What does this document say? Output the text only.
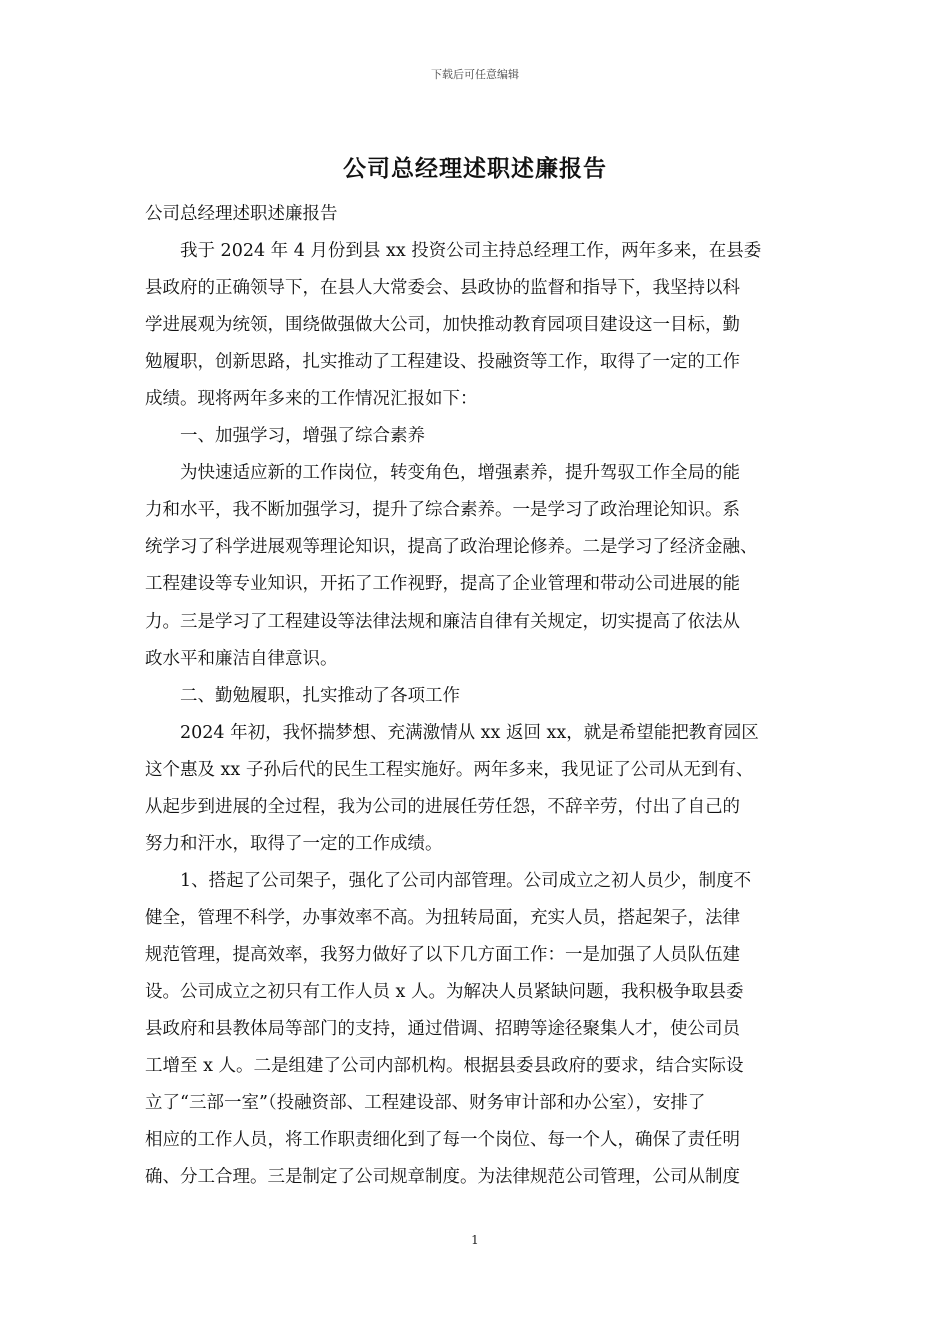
下载后可任意编辑
公司总经理述职述廉报告
公司总经理述职述廉报告
　　我于 2024 年 4 月份到县 xx 投资公司主持总经理工作，两年多来，在县委
县政府的正确领导下，在县人大常委会、县政协的监督和指导下，我坚持以科
学进展观为统领，围绕做强做大公司，加快推动教育园项目建设这一目标，勤
勉履职，创新思路，扎实推动了工程建设、投融资等工作，取得了一定的工作
成绩。现将两年多来的工作情况汇报如下：
　　一、加强学习，增强了综合素养
　　为快速适应新的工作岗位，转变角色，增强素养，提升驾驭工作全局的能
力和水平，我不断加强学习，提升了综合素养。一是学习了政治理论知识。系
统学习了科学进展观等理论知识，提高了政治理论修养。二是学习了经济金融、
工程建设等专业知识，开拓了工作视野，提高了企业管理和带动公司进展的能
力。三是学习了工程建设等法律法规和廉洁自律有关规定，切实提高了依法从
政水平和廉洁自律意识。
　　二、勤勉履职，扎实推动了各项工作
　　2024 年初，我怀揣梦想、充满激情从 xx 返回 xx，就是希望能把教育园区
这个惠及 xx 子孙后代的民生工程实施好。两年多来，我见证了公司从无到有、
从起步到进展的全过程，我为公司的进展任劳任怨，不辞辛劳，付出了自己的
努力和汗水，取得了一定的工作成绩。
　　1、搭起了公司架子，强化了公司内部管理。公司成立之初人员少，制度不
健全，管理不科学，办事效率不高。为扭转局面，充实人员，搭起架子，法律
规范管理，提高效率，我努力做好了以下几方面工作：一是加强了人员队伍建
设。公司成立之初只有工作人员 x 人。为解决人员紧缺问题，我积极争取县委
县政府和县教体局等部门的支持，通过借调、招聘等途径聚集人才，使公司员
工增至 x 人。二是组建了公司内部机构。根据县委县政府的要求，结合实际设
立了“三部一室”（投融资部、工程建设部、财务审计部和办公室），安排了
相应的工作人员，将工作职责细化到了每一个岗位、每一个人，确保了责任明
确、分工合理。三是制定了公司规章制度。为法律规范公司管理，公司从制度
1
